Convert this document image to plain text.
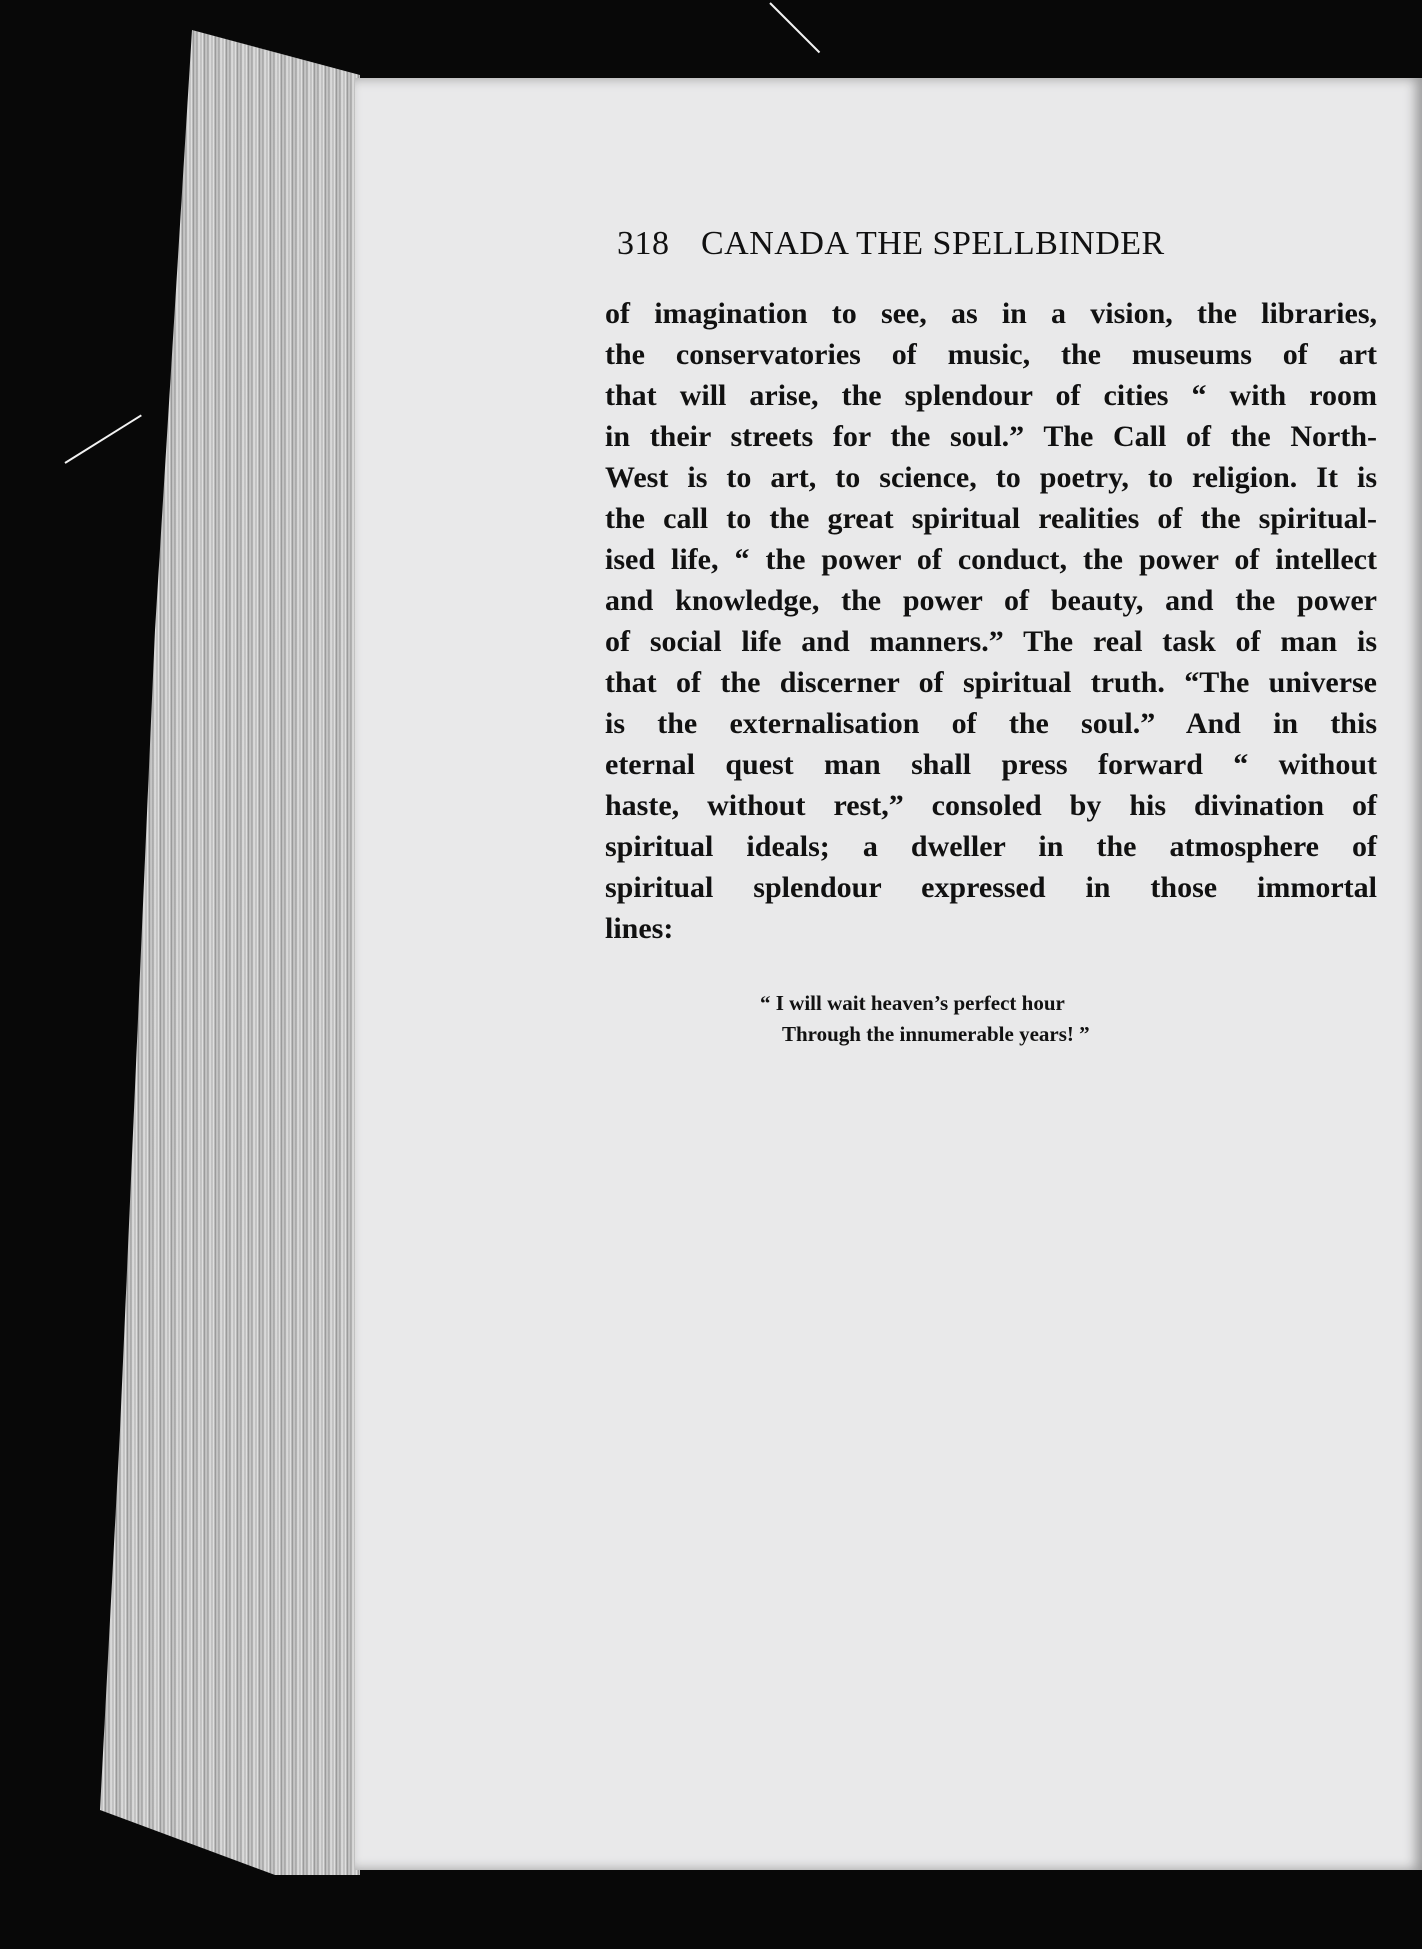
318 CANADA THE SPELLBINDER
of imagination to see, as in a vision, the libraries,
the conservatories of music, the museums of art
that will arise, the splendour of cities “ with room
in their streets for the soul.” The Call of the North-
West is to art, to science, to poetry, to religion. It is
the call to the great spiritual realities of the spiritual-
ised life, “ the power of conduct, the power of intellect
and knowledge, the power of beauty, and the power
of social life and manners.” The real task of man is
that of the discerner of spiritual truth. “The universe
is the externalisation of the soul.” And in this
eternal quest man shall press forward “ without
haste, without rest,” consoled by his divination of
spiritual ideals; a dweller in the atmosphere of
spiritual splendour expressed in those immortal
lines:
“ I will wait heaven’s perfect hour
Through the innumerable years! ”
